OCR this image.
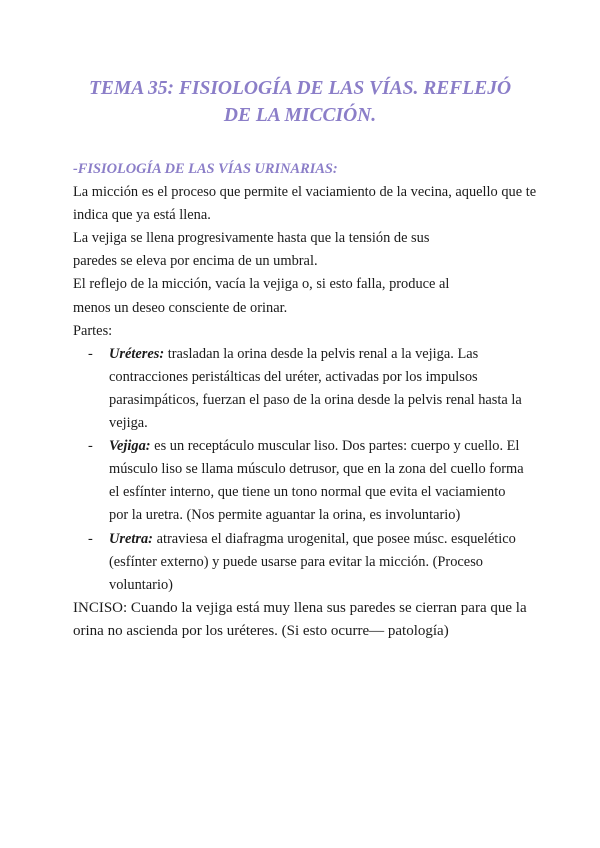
TEMA 35: FISIOLOGÍA DE LAS VÍAS. REFLEJÓ
DE LA MICCIÓN.

-FISIOLOGÍA DE LAS VÍAS URINARIAS:

La micción es el proceso que permite el vaciamiento de la vecina, aquello que te
indica que ya está llena.
La vejiga se llena progresivamente hasta que la tensión de sus
paredes se eleva por encima de un umbral.
El reflejo de la micción, vacía la vejiga o, si esto falla, produce al
menos un deseo consciente de orinar.
Partes:
- Uréteres: trasladan la orina desde la pelvis renal a la vejiga. Las
contracciones peristálticas del uréter, activadas por los impulsos
parasimpáticos, fuerzan el paso de la orina desde la pelvis renal hasta la
vejiga.
- Vejiga: es un receptáculo muscular liso. Dos partes: cuerpo y cuello. El
músculo liso se llama músculo detrusor, que en la zona del cuello forma
el esfínter interno, que tiene un tono normal que evita el vaciamiento
por la uretra. (Nos permite aguantar la orina, es involuntario)
- Uretra: atraviesa el diafragma urogenital, que posee músc. esquelético
(esfínter externo) y puede usarse para evitar la micción. (Proceso
voluntario)
INCISO: Cuando la vejiga está muy llena sus paredes se cierran para que la
orina no ascienda por los uréteres. (Si esto ocurre— patología)
